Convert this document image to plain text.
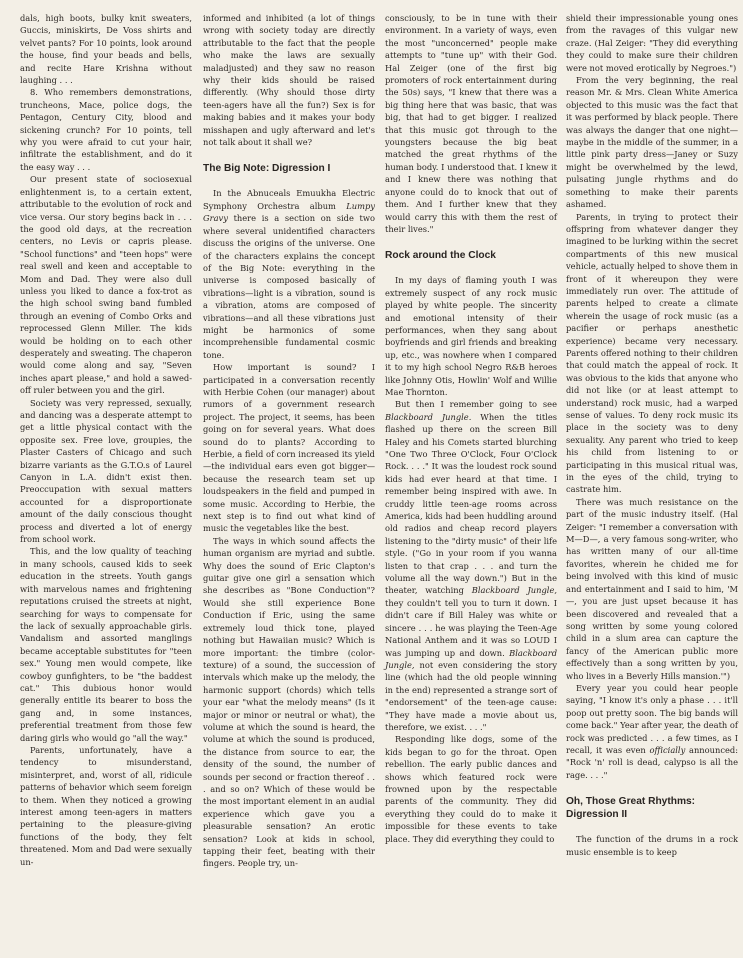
dals, high boots, bulky knit sweaters, Guccis, miniskirts, De Voss shirts and velvet pants? For 10 points, look around the house, find your beads and bells, and recite Hare Krishna without laughing . . .

8. Who remembers demonstrations, truncheons, Mace, police dogs, the Pentagon, Century City, blood and sickening crunch? For 10 points, tell why you were afraid to cut your hair, infiltrate the establishment, and do it the easy way . . .

Our present state of sociosexual enlightenment is, to a certain extent, attributable to the evolution of rock and vice versa. Our story begins back in . . . the good old days, at the recreation centers, no Levis or capris please. "School functions" and "teen hops" were real swell and keen and acceptable to Mom and Dad. They were also dull unless you liked to dance a fox-trot as the high school swing band fumbled through an evening of Combo Orks and reprocessed Glenn Miller. The kids would be holding on to each other desperately and sweating. The chaperon would come along and say, "Seven inches apart please," and hold a sawed-off ruler between you and the girl.

Society was very repressed, sexually, and dancing was a desperate attempt to get a little physical contact with the opposite sex. Free love, groupies, the Plaster Casters of Chicago and such bizarre variants as the G.T.O.s of Laurel Canyon in L.A. didn't exist then. Preoccupation with sexual matters accounted for a disproportionate amount of the daily conscious thought process and diverted a lot of energy from school work.

This, and the low quality of teaching in many schools, caused kids to seek education in the streets. Youth gangs with marvelous names and frightening reputations cruised the streets at night, searching for ways to compensate for the lack of sexually approachable girls. Vandalism and assorted manglings became acceptable substitutes for "teen sex." Young men would compete, like cowboy gunfighters, to be "the baddest cat." This dubious honor would generally entitle its bearer to boss the gang and, in some instances, preferential treatment from those few daring girls who would go "all the way."

Parents, unfortunately, have a tendency to misunderstand, misinterpret, and, worst of all, ridicule patterns of behavior which seem foreign to them. When they noticed a growing interest among teen-agers in matters pertaining to the pleasure-giving functions of the body, they felt threatened. Mom and Dad were sexually un-

informed and inhibited (a lot of things wrong with society today are directly attributable to the fact that the people who make the laws are sexually maladjusted) and they saw no reason why their kids should be raised differently. (Why should those dirty teen-agers have all the fun?) Sex is for making babies and it makes your body misshapen and ugly afterward and let's not talk about it shall we?

The Big Note: Digression I

In the Abnuceals Emuukha Electric Symphony Orchestra album Lumpy Gravy there is a section on side two where several unidentified characters discuss the origins of the universe. One of the characters explains the concept of the Big Note: everything in the universe is composed basically of vibrations—light is a vibration, sound is a vibration, atoms are composed of vibrations—and all these vibrations just might be harmonics of some incomprehensible fundamental cosmic tone.

How important is sound? I participated in a conversation recently with Herbie Cohen (our manager) about rumors of a government research project. The project, it seems, has been going on for several years. What does sound do to plants? According to Herbie, a field of corn increased its yield—the individual ears even got bigger—because the research team set up loudspeakers in the field and pumped in some music. According to Herbie, the next step is to find out what kind of music the vegetables like the best.

The ways in which sound affects the human organism are myriad and subtle. Why does the sound of Eric Clapton's guitar give one girl a sensation which she describes as "Bone Conduction"? Would she still experience Bone Conduction if Eric, using the same extremely loud thick tone, played nothing but Hawaiian music? Which is more important: the timbre (color-texture) of a sound, the succession of intervals which make up the melody, the harmonic support (chords) which tells your ear "what the melody means" (Is it major or minor or neutral or what), the volume at which the sound is heard, the volume at which the sound is produced, the distance from source to ear, the density of the sound, the number of sounds per second or fraction thereof . . . and so on? Which of these would be the most important element in an audial experience which gave you a pleasurable sensation? An erotic sensation? Look at kids in school, tapping their feet, beating with their fingers. People try, un-

consciously, to be in tune with their environment. In a variety of ways, even the most "unconcerned" people make attempts to "tune up" with their God. Hal Zeiger (one of the first big promoters of rock entertainment during the 50s) says, "I knew that there was a big thing here that was basic, that was big, that had to get bigger. I realized that this music got through to the youngsters because the big beat matched the great rhythms of the human body. I understood that. I knew it and I knew there was nothing that anyone could do to knock that out of them. And I further knew that they would carry this with them the rest of their lives."

Rock around the Clock

In my days of flaming youth I was extremely suspect of any rock music played by white people. The sincerity and emotional intensity of their performances, when they sang about boyfriends and girl friends and breaking up, etc., was nowhere when I compared it to my high school Negro R&B heroes like Johnny Otis, Howlin' Wolf and Willie Mae Thornton.

But then I remember going to see Blackboard Jungle. When the titles flashed up there on the screen Bill Haley and his Comets started blurching "One Two Three O'Clock, Four O'Clock Rock. . . ." It was the loudest rock sound kids had ever heard at that time. I remember being inspired with awe. In cruddy little teen-age rooms across America, kids had been huddling around old radios and cheap record players listening to the "dirty music" of their life style. ("Go in your room if you wanna listen to that crap . . . and turn the volume all the way down.") But in the theater, watching Blackboard Jungle, they couldn't tell you to turn it down. I didn't care if Bill Haley was white or sincere . . . he was playing the Teen-Age National Anthem and it was so LOUD I was jumping up and down. Blackboard Jungle, not even considering the story line (which had the old people winning in the end) represented a strange sort of "endorsement" of the teen-age cause: "They have made a movie about us, therefore, we exist. . . ."

Responding like dogs, some of the kids began to go for the throat. Open rebellion. The early public dances and shows which featured rock were frowned upon by the respectable parents of the community. They did everything they could do to make it impossible for these events to take place. They did everything they could to

shield their impressionable young ones from the ravages of this vulgar new craze. (Hal Zeiger: "They did everything they could to make sure their children were not moved erotically by Negroes.")

From the very beginning, the real reason Mr. & Mrs. Clean White America objected to this music was the fact that it was performed by black people. There was always the danger that one night—maybe in the middle of the summer, in a little pink party dress—Janey or Suzy might be overwhelmed by the lewd, pulsating jungle rhythms and do something to make their parents ashamed.

Parents, in trying to protect their offspring from whatever danger they imagined to be lurking within the secret compartments of this new musical vehicle, actually helped to shove them in front of it whereupon they were immediately run over. The attitude of parents helped to create a climate wherein the usage of rock music (as a pacifier or perhaps anesthetic experience) became very necessary. Parents offered nothing to their children that could match the appeal of rock. It was obvious to the kids that anyone who did not like (or at least attempt to understand) rock music, had a warped sense of values. To deny rock music its place in the society was to deny sexuality. Any parent who tried to keep his child from listening to or participating in this musical ritual was, in the eyes of the child, trying to castrate him.

There was much resistance on the part of the music industry itself. (Hal Zeiger: "I remember a conversation with M—D—, a very famous song-writer, who has written many of our all-time favorites, wherein he chided me for being involved with this kind of music and entertainment and I said to him, 'M—, you are just upset because it has been discovered and revealed that a song written by some young colored child in a slum area can capture the fancy of the American public more effectively than a song written by you, who lives in a Beverly Hills mansion.'")

Every year you could hear people saying, "I know it's only a phase . . . it'll poop out pretty soon. The big bands will come back." Year after year, the death of rock was predicted . . . a few times, as I recall, it was even officially announced: "Rock 'n' roll is dead, calypso is all the rage. . . ."

Oh, Those Great Rhythms: Digression II

The function of the drums in a rock music ensemble is to keep
